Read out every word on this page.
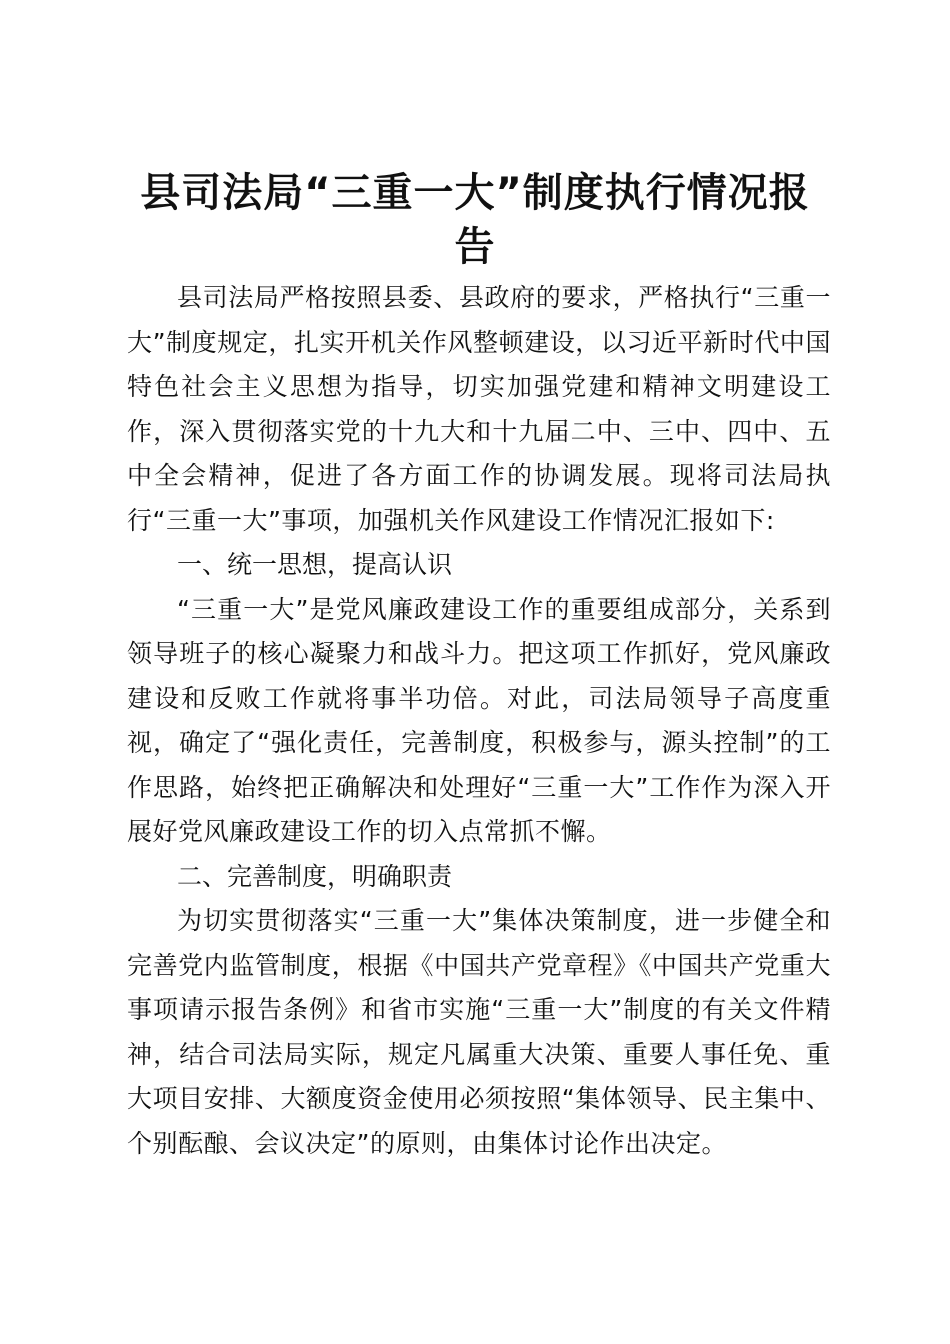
县司法局“三重一大”制度执行情况报告

县司法局严格按照县委、县政府的要求，严格执行“三重一大”制度规定，扎实开机关作风整顿建设，以习近平新时代中国特色社会主义思想为指导，切实加强党建和精神文明建设工作，深入贯彻落实党的十九大和十九届二中、三中、四中、五中全会精神，促进了各方面工作的协调发展。现将司法局执行“三重一大”事项，加强机关作风建设工作情况汇报如下:

一、统一思想，提高认识

“三重一大”是党风廉政建设工作的重要组成部分，关系到领导班子的核心凝聚力和战斗力。把这项工作抓好，党风廉政建设和反败工作就将事半功倍。对此，司法局领导子高度重视，确定了“强化责任，完善制度，积极参与，源头控制”的工作思路，始终把正确解决和处理好“三重一大”工作作为深入开展好党风廉政建设工作的切入点常抓不懈。

二、完善制度，明确职责

为切实贯彻落实“三重一大”集体决策制度，进一步健全和完善党内监管制度，根据《中国共产党章程》《中国共产党重大事项请示报告条例》和省市实施“三重一大”制度的有关文件精神，结合司法局实际，规定凡属重大决策、重要人事任免、重大项目安排、大额度资金使用必须按照“集体领导、民主集中、个别酝酿、会议决定”的原则，由集体讨论作出决定。
